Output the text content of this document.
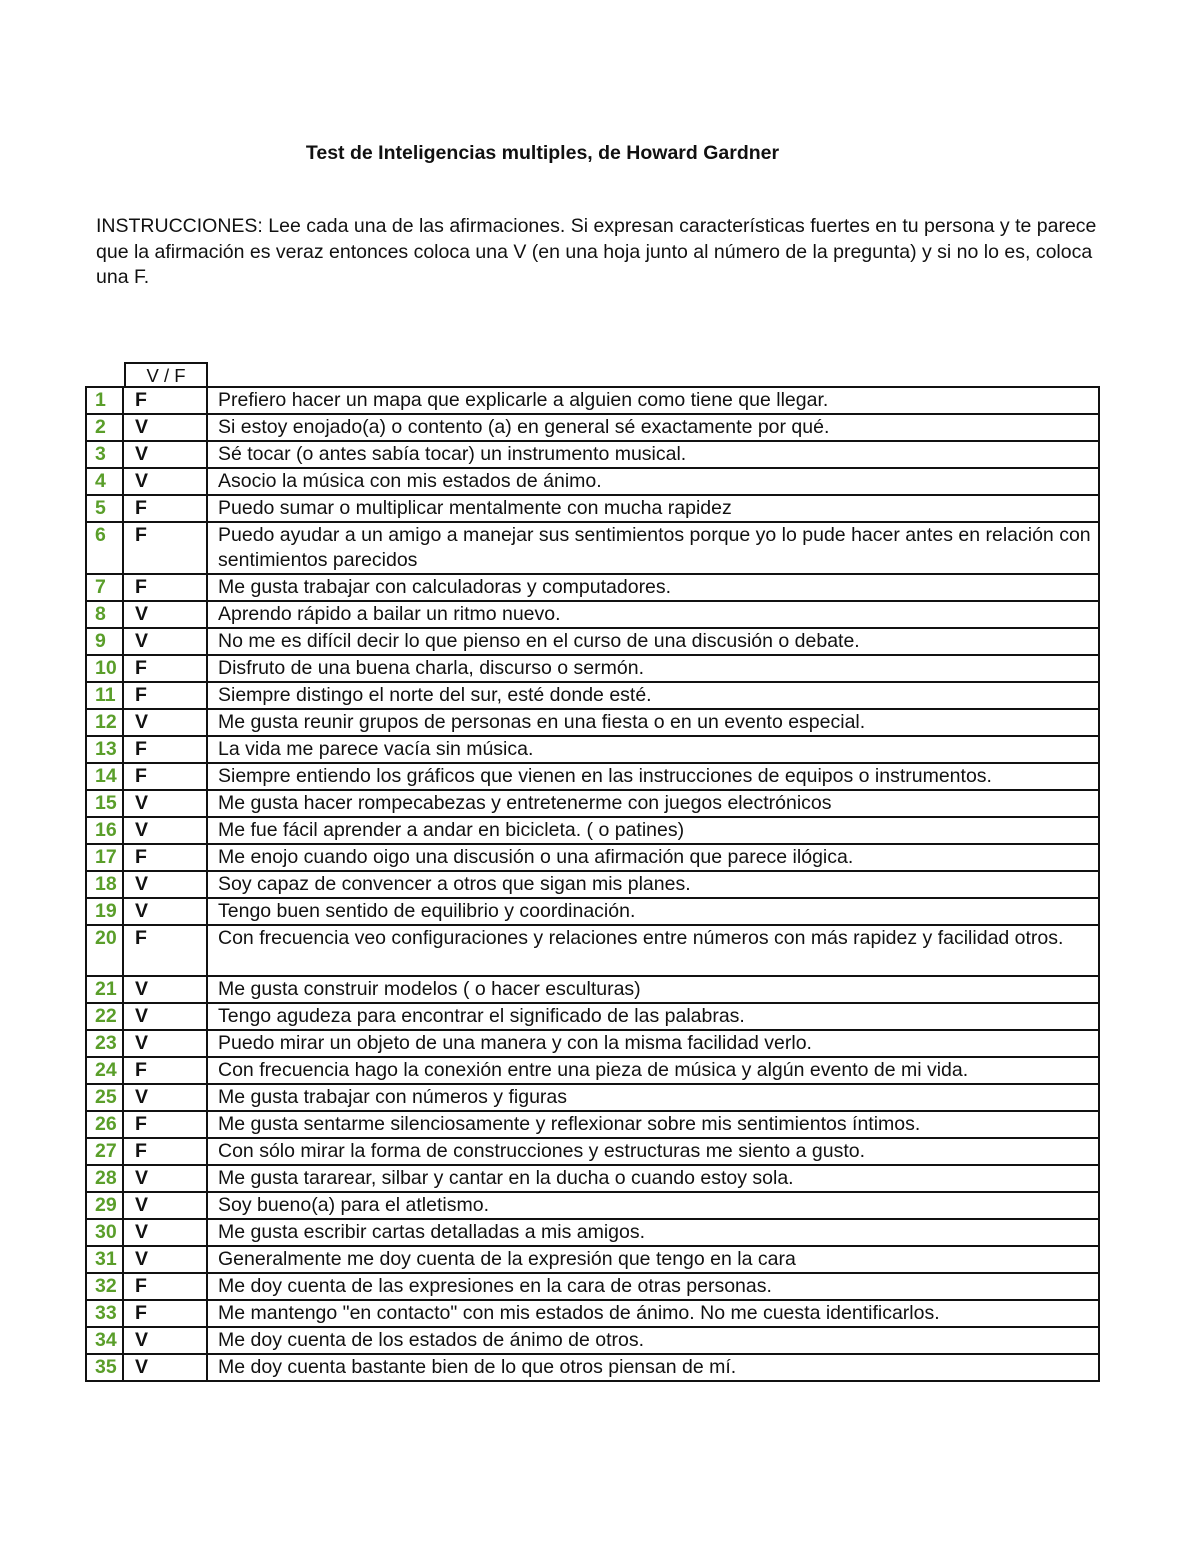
Test de Inteligencias multiples, de Howard Gardner
INSTRUCCIONES: Lee cada una de las afirmaciones. Si expresan características fuertes en tu persona y te parece que la afirmación es veraz entonces coloca una V (en una hoja junto al número de la pregunta) y si no lo es, coloca una F.
V / F
1	F	Prefiero hacer un mapa que explicarle a alguien como tiene que llegar.
2	V	Si estoy enojado(a) o contento (a) en general sé exactamente por qué.
3	V	Sé tocar (o antes sabía tocar) un instrumento musical.
4	V	Asocio la música con mis estados de ánimo.
5	F	Puedo sumar o multiplicar mentalmente con mucha rapidez
6	F	Puedo ayudar a un amigo a manejar sus sentimientos porque yo lo pude hacer antes en relación con sentimientos parecidos
7	F	Me gusta trabajar con calculadoras y computadores.
8	V	Aprendo rápido a bailar un ritmo nuevo.
9	V	No me es difícil decir lo que pienso en el curso de una discusión o debate.
10	F	Disfruto de una buena charla, discurso o sermón.
11	F	Siempre distingo el norte del sur, esté donde esté.
12	V	Me gusta reunir grupos de personas en una fiesta o en un evento especial.
13	F	La vida me parece vacía sin música.
14	F	Siempre entiendo los gráficos que vienen en las instrucciones de equipos o instrumentos.
15	V	Me gusta hacer rompecabezas y entretenerme con juegos electrónicos
16	V	Me fue fácil aprender a andar en bicicleta. ( o patines)
17	F	Me enojo cuando oigo una discusión o una afirmación que parece ilógica.
18	V	Soy capaz de convencer a otros que sigan mis planes.
19	V	Tengo buen sentido de equilibrio y coordinación.
20	F	Con frecuencia veo configuraciones y relaciones entre números con más rapidez y facilidad otros.
21	V	Me gusta construir modelos ( o hacer esculturas)
22	V	Tengo agudeza para encontrar el significado de las palabras.
23	V	Puedo mirar un objeto de una manera y con la misma facilidad verlo.
24	F	Con frecuencia hago la conexión entre una pieza de música y algún evento de mi vida.
25	V	Me gusta trabajar con números y figuras
26	F	Me gusta sentarme silenciosamente y reflexionar sobre mis sentimientos íntimos.
27	F	Con sólo mirar la forma de construcciones y estructuras me siento a gusto.
28	V	Me gusta tararear, silbar y cantar en la ducha o cuando estoy sola.
29	V	Soy bueno(a) para el atletismo.
30	V	Me gusta escribir cartas detalladas a mis amigos.
31	V	Generalmente me doy cuenta de la expresión que tengo en la cara
32	F	Me doy cuenta de las expresiones en la cara de otras personas.
33	F	Me mantengo "en contacto" con mis estados de ánimo. No me cuesta identificarlos.
34	V	Me doy cuenta de los estados de ánimo de otros.
35	V	Me doy cuenta bastante bien de lo que otros piensan de mí.
